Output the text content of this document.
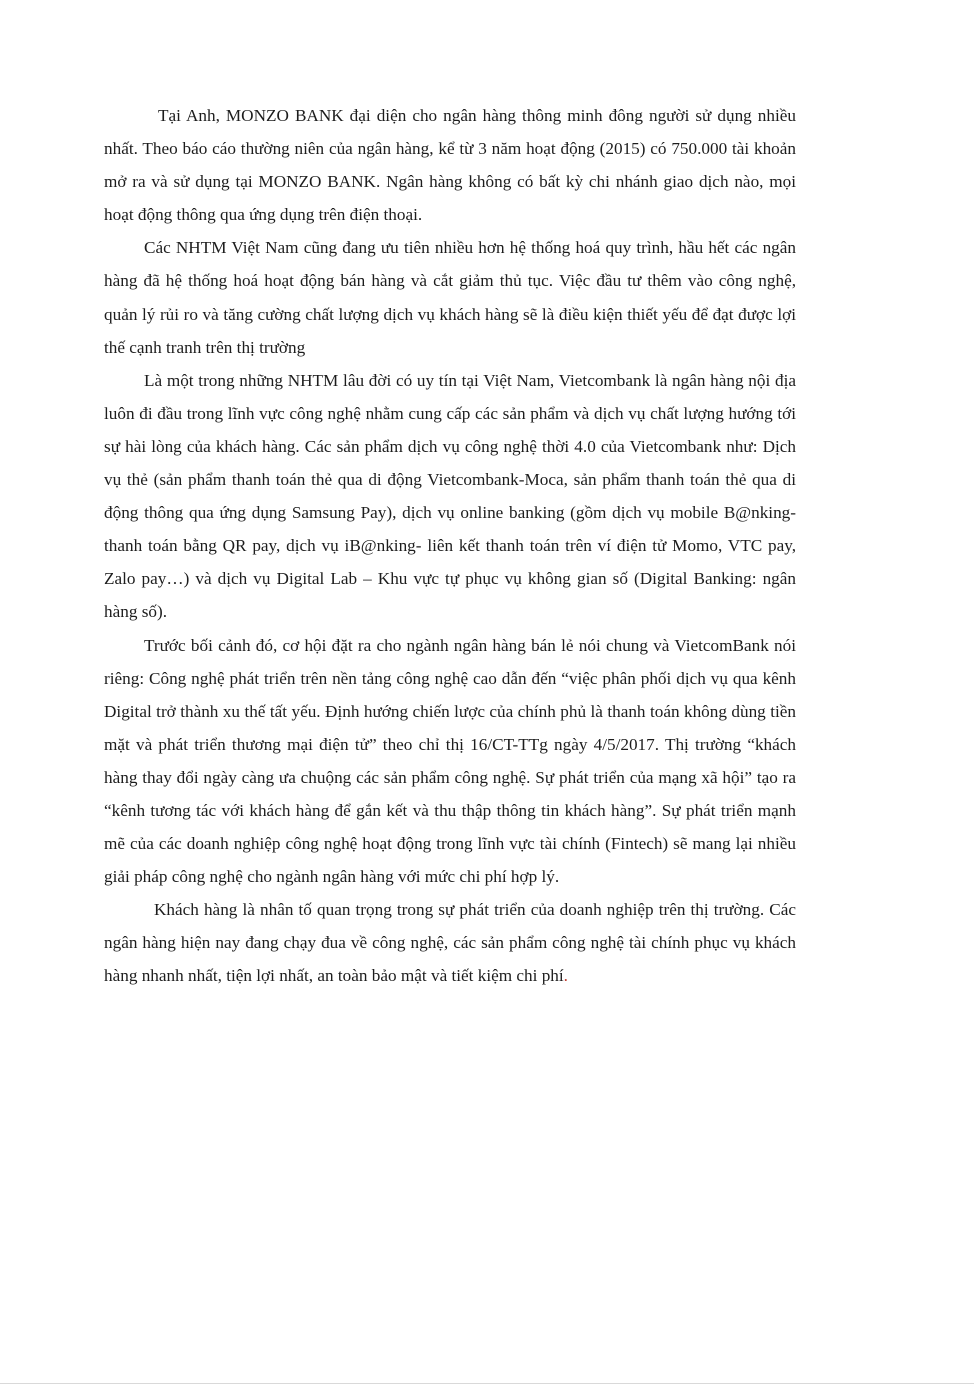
Tại Anh, MONZO BANK đại diện cho ngân hàng thông minh đông người sử dụng nhiều nhất. Theo báo cáo thường niên của ngân hàng, kể từ 3 năm hoạt động (2015) có 750.000 tài khoản mở ra và sử dụng tại MONZO BANK. Ngân hàng không có bất kỳ chi nhánh giao dịch nào, mọi hoạt động thông qua ứng dụng trên điện thoại.

Các NHTM Việt Nam cũng đang ưu tiên nhiều hơn hệ thống hoá quy trình, hầu hết các ngân hàng đã hệ thống hoá hoạt động bán hàng và cắt giảm thủ tục. Việc đầu tư thêm vào công nghệ, quản lý rủi ro và tăng cường chất lượng dịch vụ khách hàng sẽ là điều kiện thiết yếu để đạt được lợi thế cạnh tranh trên thị trường

Là một trong những NHTM lâu đời có uy tín tại Việt Nam, Vietcombank là ngân hàng nội địa luôn đi đầu trong lĩnh vực công nghệ nhằm cung cấp các sản phẩm và dịch vụ chất lượng hướng tới sự hài lòng của khách hàng. Các sản phẩm dịch vụ công nghệ thời 4.0 của Vietcombank như: Dịch vụ thẻ (sản phẩm thanh toán thẻ qua di động Vietcombank-Moca, sản phẩm thanh toán thẻ qua di động thông qua ứng dụng Samsung Pay), dịch vụ online banking (gồm dịch vụ mobile B@nking- thanh toán bằng QR pay, dịch vụ iB@nking- liên kết thanh toán trên ví điện tử Momo, VTC pay, Zalo pay…) và dịch vụ Digital Lab – Khu vực tự phục vụ không gian số (Digital Banking: ngân hàng số).

Trước bối cảnh đó, cơ hội đặt ra cho ngành ngân hàng bán lẻ nói chung và VietcomBank nói riêng: Công nghệ phát triển trên nền tảng công nghệ cao dẫn đến “việc phân phối dịch vụ qua kênh Digital trở thành xu thế tất yếu. Định hướng chiến lược của chính phủ là thanh toán không dùng tiền mặt và phát triển thương mại điện tử” theo chỉ thị 16/CT-TTg ngày 4/5/2017. Thị trường “khách hàng thay đổi ngày càng ưa chuộng các sản phẩm công nghệ. Sự phát triển của mạng xã hội” tạo ra “kênh tương tác với khách hàng để gắn kết và thu thập thông tin khách hàng”. Sự phát triển mạnh mẽ của các doanh nghiệp công nghệ hoạt động trong lĩnh vực tài chính (Fintech) sẽ mang lại nhiều giải pháp công nghệ cho ngành ngân hàng với mức chi phí hợp lý.

Khách hàng là nhân tố quan trọng trong sự phát triển của doanh nghiệp trên thị trường. Các ngân hàng hiện nay đang chạy đua về công nghệ, các sản phẩm công nghệ tài chính phục vụ khách hàng nhanh nhất, tiện lợi nhất, an toàn bảo mật và tiết kiệm chi phí.
